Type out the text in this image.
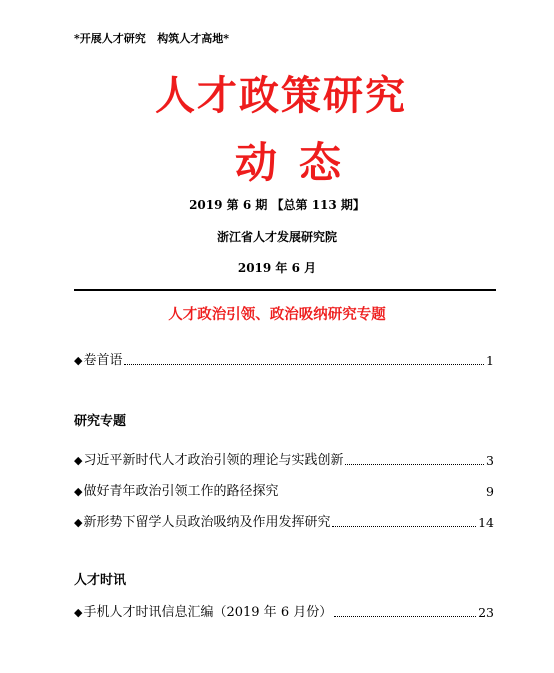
*开展人才研究   构筑人才高地*
人才政策研究
动态
2019 第 6 期 【总第 113 期】
浙江省人才发展研究院
2019 年 6 月
人才政治引领、政治吸纳研究专题
◆ 卷首语	1
研究专题
◆ 习近平新时代人才政治引领的理论与实践创新	3
◆ 做好青年政治引领工作的路径探究	9
◆ 新形势下留学人员政治吸纳及作用发挥研究	14
人才时讯
◆ 手机人才时讯信息汇编（2019 年 6 月份）	23
